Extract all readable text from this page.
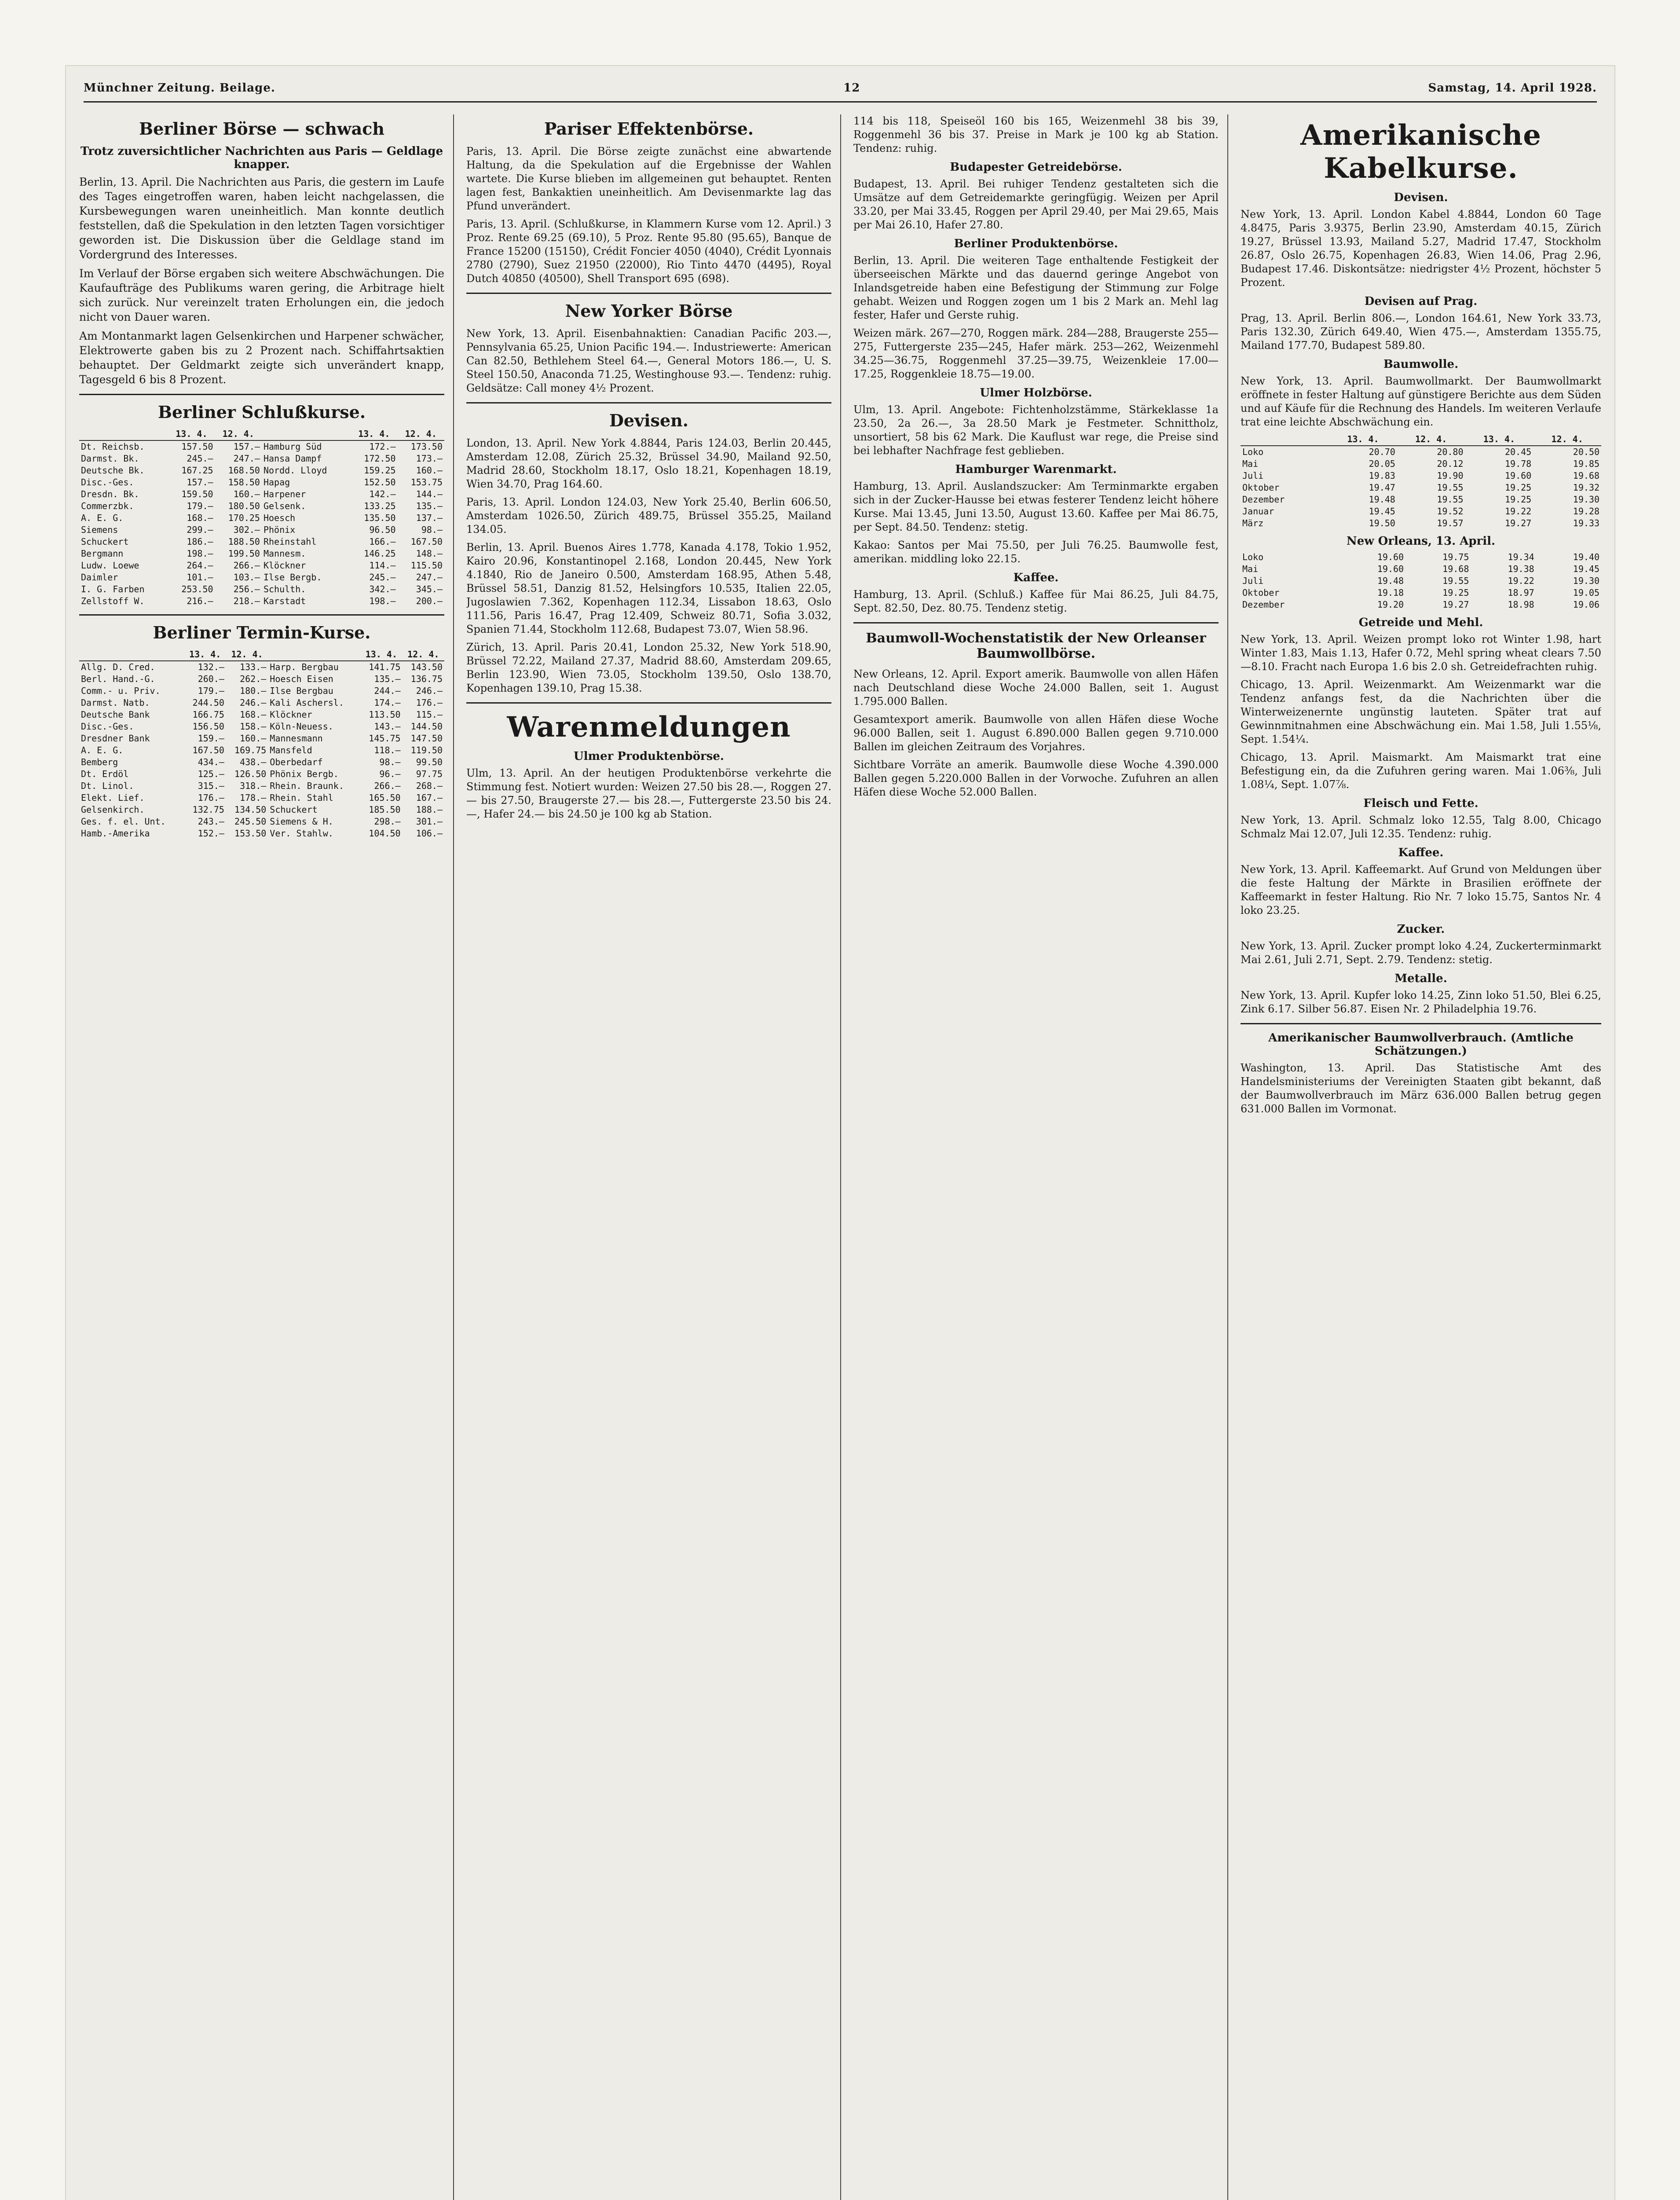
Münchner Zeitung. Beilage.	12	Samstag, 14. April 1928.
Berliner Börse — schwach
Trotz zuversichtlicher Nachrichten aus Paris — Geldlage knapper.

Berlin, 13. April. Die Nachrichten aus Paris, die gestern im Laufe des Tages eingetroffen waren, haben leicht nachgelassen, die Kursbewegungen waren uneinheitlich. Man konnte deutlich feststellen, daß die Spekulation in den letzten Tagen vorsichtiger geworden ist. Die Diskussion über die Geldlage stand im Vordergrund des Interesses.

Im Verlauf der Börse ergaben sich weitere Abschwächungen. Die Kaufaufträge des Publikums waren gering, die Arbitrage hielt sich zurück. Nur vereinzelt traten Erholungen ein, die jedoch nicht von Dauer waren.

Am Montanmarkt lagen Gelsenkirchen und Harpener schwächer, Elektrowerte gaben bis zu 2 Prozent nach. Schiffahrtsaktien behauptet. Der Geldmarkt zeigte sich unverändert knapp, Tagesgeld 6 bis 8 Prozent.

Berliner Schlußkurse.
	13. 4.	12. 4.		13. 4.	12. 4.
Dt. Reichsb.	157.50	157.—	Hamburg Süd	172.—	173.50
Darmst. Bk.	245.—	247.—	Hansa Dampf	172.50	173.—
Deutsche Bk.	167.25	168.50	Nordd. Lloyd	159.25	160.—
Disc.-Ges.	157.—	158.50	Hapag	152.50	153.75
Dresdn. Bk.	159.50	160.—	Harpener	142.—	144.—
Commerzbk.	179.—	180.50	Gelsenk.	133.25	135.—
A. E. G.	168.—	170.25	Hoesch	135.50	137.—
Siemens	299.—	302.—	Phönix	96.50	98.—
Schuckert	186.—	188.50	Rheinstahl	166.—	167.50
Bergmann	198.—	199.50	Mannesm.	146.25	148.—
Ludw. Loewe	264.—	266.—	Klöckner	114.—	115.50
Daimler	101.—	103.—	Ilse Bergb.	245.—	247.—
I. G. Farben	253.50	256.—	Schulth.	342.—	345.—
Zellstoff W.	216.—	218.—	Karstadt	198.—	200.—
Berliner Termin-Kurse.
	13. 4.	12. 4.		13. 4.	12. 4.
Allg. D. Cred.	132.—	133.—	Harp. Bergbau	141.75	143.50
Berl. Hand.-G.	260.—	262.—	Hoesch Eisen	135.—	136.75
Comm.- u. Priv.	179.—	180.—	Ilse Bergbau	244.—	246.—
Darmst. Natb.	244.50	246.—	Kali Aschersl.	174.—	176.—
Deutsche Bank	166.75	168.—	Klöckner	113.50	115.—
Disc.-Ges.	156.50	158.—	Köln-Neuess.	143.—	144.50
Dresdner Bank	159.—	160.—	Mannesmann	145.75	147.50
A. E. G.	167.50	169.75	Mansfeld	118.—	119.50
Bemberg	434.—	438.—	Oberbedarf	98.—	99.50
Dt. Erdöl	125.—	126.50	Phönix Bergb.	96.—	97.75
Dt. Linol.	315.—	318.—	Rhein. Braunk.	266.—	268.—
Elekt. Lief.	176.—	178.—	Rhein. Stahl	165.50	167.—
Gelsenkirch.	132.75	134.50	Schuckert	185.50	188.—
Ges. f. el. Unt.	243.—	245.50	Siemens & H.	298.—	301.—
Hamb.-Amerika	152.—	153.50	Ver. Stahlw.	104.50	106.—
Pariser Effektenbörse.

Paris, 13. April. Die Börse zeigte zunächst eine abwartende Haltung, da die Spekulation auf die Ergebnisse der Wahlen wartete. Die Kurse blieben im allgemeinen gut behauptet. Renten lagen fest, Bankaktien uneinheitlich. Am Devisenmarkte lag das Pfund unverändert.

Paris, 13. April. (Schlußkurse, in Klammern Kurse vom 12. April.) 3 Proz. Rente 69.25 (69.10), 5 Proz. Rente 95.80 (95.65), Banque de France 15200 (15150), Crédit Foncier 4050 (4040), Crédit Lyonnais 2780 (2790), Suez 21950 (22000), Rio Tinto 4470 (4495), Royal Dutch 40850 (40500), Shell Transport 695 (698).

New Yorker Börse

New York, 13. April. Eisenbahnaktien: Canadian Pacific 203.—, Pennsylvania 65.25, Union Pacific 194.—. Industriewerte: American Can 82.50, Bethlehem Steel 64.—, General Motors 186.—, U. S. Steel 150.50, Anaconda 71.25, Westinghouse 93.—. Tendenz: ruhig. Geldsätze: Call money 4½ Prozent.

Devisen.

London, 13. April. New York 4.8844, Paris 124.03, Berlin 20.445, Amsterdam 12.08, Zürich 25.32, Brüssel 34.90, Mailand 92.50, Madrid 28.60, Stockholm 18.17, Oslo 18.21, Kopenhagen 18.19, Wien 34.70, Prag 164.60.

Paris, 13. April. London 124.03, New York 25.40, Berlin 606.50, Amsterdam 1026.50, Zürich 489.75, Brüssel 355.25, Mailand 134.05.

Berlin, 13. April. Buenos Aires 1.778, Kanada 4.178, Tokio 1.952, Kairo 20.96, Konstantinopel 2.168, London 20.445, New York 4.1840, Rio de Janeiro 0.500, Amsterdam 168.95, Athen 5.48, Brüssel 58.51, Danzig 81.52, Helsingfors 10.535, Italien 22.05, Jugoslawien 7.362, Kopenhagen 112.34, Lissabon 18.63, Oslo 111.56, Paris 16.47, Prag 12.409, Schweiz 80.71, Sofia 3.032, Spanien 71.44, Stockholm 112.68, Budapest 73.07, Wien 58.96.

Zürich, 13. April. Paris 20.41, London 25.32, New York 518.90, Brüssel 72.22, Mailand 27.37, Madrid 88.60, Amsterdam 209.65, Berlin 123.90, Wien 73.05, Stockholm 139.50, Oslo 138.70, Kopenhagen 139.10, Prag 15.38.

Warenmeldungen
Ulmer Produktenbörse.

Ulm, 13. April. An der heutigen Produktenbörse verkehrte die Stimmung fest. Notiert wurden: Weizen 27.50 bis 28.—, Roggen 27.— bis 27.50, Braugerste 27.— bis 28.—, Futtergerste 23.50 bis 24.—, Hafer 24.— bis 24.50 je 100 kg ab Station.

114 bis 118, Speiseöl 160 bis 165, Weizenmehl 38 bis 39, Roggenmehl 36 bis 37. Preise in Mark je 100 kg ab Station. Tendenz: ruhig.

Budapester Getreidebörse.

Budapest, 13. April. Bei ruhiger Tendenz gestalteten sich die Umsätze auf dem Getreidemarkte geringfügig. Weizen per April 33.20, per Mai 33.45, Roggen per April 29.40, per Mai 29.65, Mais per Mai 26.10, Hafer 27.80.

Berliner Produktenbörse.

Berlin, 13. April. Die weiteren Tage enthaltende Festigkeit der überseeischen Märkte und das dauernd geringe Angebot von Inlandsgetreide haben eine Befestigung der Stimmung zur Folge gehabt. Weizen und Roggen zogen um 1 bis 2 Mark an. Mehl lag fester, Hafer und Gerste ruhig.

Weizen märk. 267—270, Roggen märk. 284—288, Braugerste 255—275, Futtergerste 235—245, Hafer märk. 253—262, Weizenmehl 34.25—36.75, Roggenmehl 37.25—39.75, Weizenkleie 17.00—17.25, Roggenkleie 18.75—19.00.

Ulmer Holzbörse.

Ulm, 13. April. Angebote: Fichtenholzstämme, Stärkeklasse 1a 23.50, 2a 26.—, 3a 28.50 Mark je Festmeter. Schnittholz, unsortiert, 58 bis 62 Mark. Die Kauflust war rege, die Preise sind bei lebhafter Nachfrage fest geblieben.

Hamburger Warenmarkt.

Hamburg, 13. April. Auslandszucker: Am Terminmarkte ergaben sich in der Zucker-Hausse bei etwas festerer Tendenz leicht höhere Kurse. Mai 13.45, Juni 13.50, August 13.60. Kaffee per Mai 86.75, per Sept. 84.50. Tendenz: stetig.

Kakao: Santos per Mai 75.50, per Juli 76.25. Baumwolle fest, amerikan. middling loko 22.15.

Kaffee.

Hamburg, 13. April. (Schluß.) Kaffee für Mai 86.25, Juli 84.75, Sept. 82.50, Dez. 80.75. Tendenz stetig.

Baumwoll-Wochenstatistik der New Orleanser Baumwollbörse.

New Orleans, 12. April. Export amerik. Baumwolle von allen Häfen nach Deutschland diese Woche 24.000 Ballen, seit 1. August 1.795.000 Ballen.

Gesamtexport amerik. Baumwolle von allen Häfen diese Woche 96.000 Ballen, seit 1. August 6.890.000 Ballen gegen 9.710.000 Ballen im gleichen Zeitraum des Vorjahres.

Sichtbare Vorräte an amerik. Baumwolle diese Woche 4.390.000 Ballen gegen 5.220.000 Ballen in der Vorwoche. Zufuhren an allen Häfen diese Woche 52.000 Ballen.

Amerikanische Kabelkurse.
Devisen.

New York, 13. April. London Kabel 4.8844, London 60 Tage 4.8475, Paris 3.9375, Berlin 23.90, Amsterdam 40.15, Zürich 19.27, Brüssel 13.93, Mailand 5.27, Madrid 17.47, Stockholm 26.87, Oslo 26.75, Kopenhagen 26.83, Wien 14.06, Prag 2.96, Budapest 17.46. Diskontsätze: niedrigster 4½ Prozent, höchster 5 Prozent.

Devisen auf Prag.

Prag, 13. April. Berlin 806.—, London 164.61, New York 33.73, Paris 132.30, Zürich 649.40, Wien 475.—, Amsterdam 1355.75, Mailand 177.70, Budapest 589.80.

Baumwolle.

New York, 13. April. Baumwollmarkt. Der Baumwollmarkt eröffnete in fester Haltung auf günstigere Berichte aus dem Süden und auf Käufe für die Rechnung des Handels. Im weiteren Verlaufe trat eine leichte Abschwächung ein.

	13. 4.	12. 4.	13. 4.	12. 4.
Loko	20.70	20.80	20.45	20.50
Mai	20.05	20.12	19.78	19.85
Juli	19.83	19.90	19.60	19.68
Oktober	19.47	19.55	19.25	19.32
Dezember	19.48	19.55	19.25	19.30
Januar	19.45	19.52	19.22	19.28
März	19.50	19.57	19.27	19.33
New Orleans, 13. April.
Loko	19.60	19.75	19.34	19.40
Mai	19.60	19.68	19.38	19.45
Juli	19.48	19.55	19.22	19.30
Oktober	19.18	19.25	18.97	19.05
Dezember	19.20	19.27	18.98	19.06
Getreide und Mehl.

New York, 13. April. Weizen prompt loko rot Winter 1.98, hart Winter 1.83, Mais 1.13, Hafer 0.72, Mehl spring wheat clears 7.50—8.10. Fracht nach Europa 1.6 bis 2.0 sh. Getreidefrachten ruhig.

Chicago, 13. April. Weizenmarkt. Am Weizenmarkt war die Tendenz anfangs fest, da die Nachrichten über die Winterweizenernte ungünstig lauteten. Später trat auf Gewinnmitnahmen eine Abschwächung ein. Mai 1.58, Juli 1.55⅛, Sept. 1.54¼.

Chicago, 13. April. Maismarkt. Am Maismarkt trat eine Befestigung ein, da die Zufuhren gering waren. Mai 1.06⅜, Juli 1.08¼, Sept. 1.07⅞.

Fleisch und Fette.

New York, 13. April. Schmalz loko 12.55, Talg 8.00, Chicago Schmalz Mai 12.07, Juli 12.35. Tendenz: ruhig.

Kaffee.

New York, 13. April. Kaffeemarkt. Auf Grund von Meldungen über die feste Haltung der Märkte in Brasilien eröffnete der Kaffeemarkt in fester Haltung. Rio Nr. 7 loko 15.75, Santos Nr. 4 loko 23.25.

Zucker.

New York, 13. April. Zucker prompt loko 4.24, Zuckerterminmarkt Mai 2.61, Juli 2.71, Sept. 2.79. Tendenz: stetig.

Metalle.

New York, 13. April. Kupfer loko 14.25, Zinn loko 51.50, Blei 6.25, Zink 6.17. Silber 56.87. Eisen Nr. 2 Philadelphia 19.76.

Amerikanischer Baumwollverbrauch. (Amtliche Schätzungen.)

Washington, 13. April. Das Statistische Amt des Handelsministeriums der Vereinigten Staaten gibt bekannt, daß der Baumwollverbrauch im März 636.000 Ballen betrug gegen 631.000 Ballen im Vormonat.
